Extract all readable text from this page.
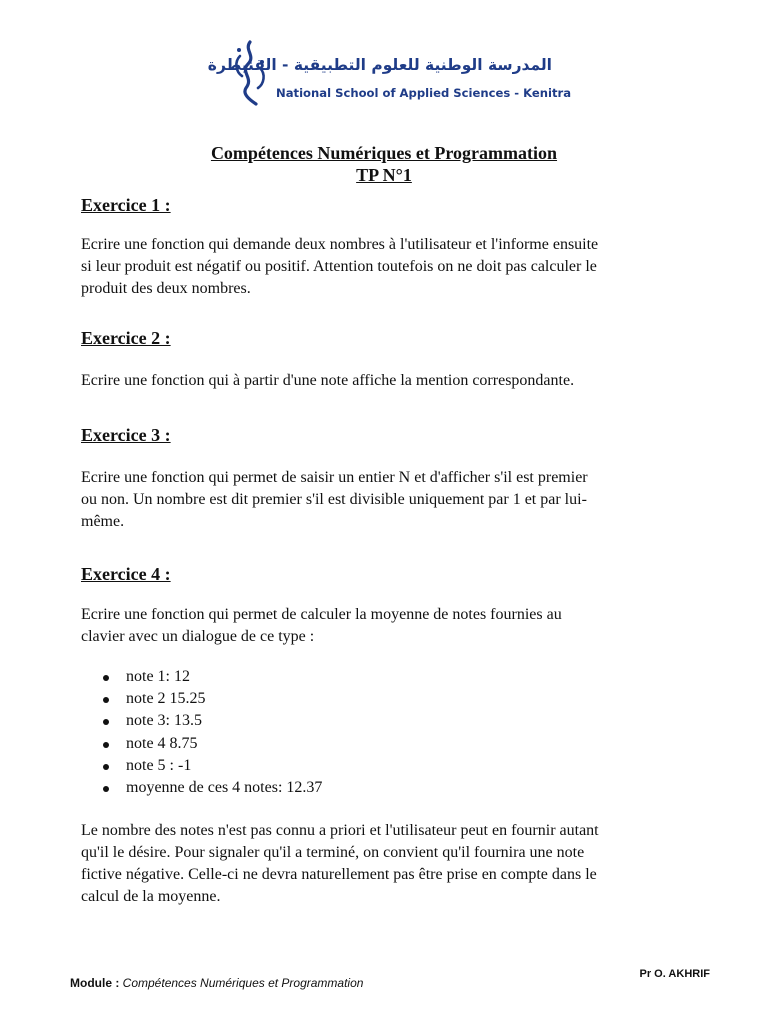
المدرسة الوطنية للعلوم التطبيقية - القنيطرة
National School of Applied Sciences - Kenitra
Compétences Numériques et Programmation
TP N°1
Exercice 1 :
Ecrire une fonction qui demande deux nombres à l'utilisateur et l'informe ensuite
si leur produit est négatif ou positif. Attention toutefois on ne doit pas calculer le
produit des deux nombres.
Exercice 2 :
Ecrire une fonction qui à partir d'une note affiche la mention correspondante.
Exercice 3 :
Ecrire une fonction qui permet de saisir un entier N et d'afficher s'il est premier
ou non. Un nombre est dit premier s'il est divisible uniquement par 1 et par lui-
même.
Exercice 4 :
Ecrire une fonction qui permet de calculer la moyenne de notes fournies au
clavier avec un dialogue de ce type :
note 1: 12
note 2 15.25
note 3: 13.5
note 4 8.75
note 5 : -1
moyenne de ces 4 notes: 12.37
Le nombre des notes n'est pas connu a priori et l'utilisateur peut en fournir autant
qu'il le désire. Pour signaler qu'il a terminé, on convient qu'il fournira une note
fictive négative. Celle-ci ne devra naturellement pas être prise en compte dans le
calcul de la moyenne.
Module : Compétences Numériques et Programmation
Pr O. AKHRIF
